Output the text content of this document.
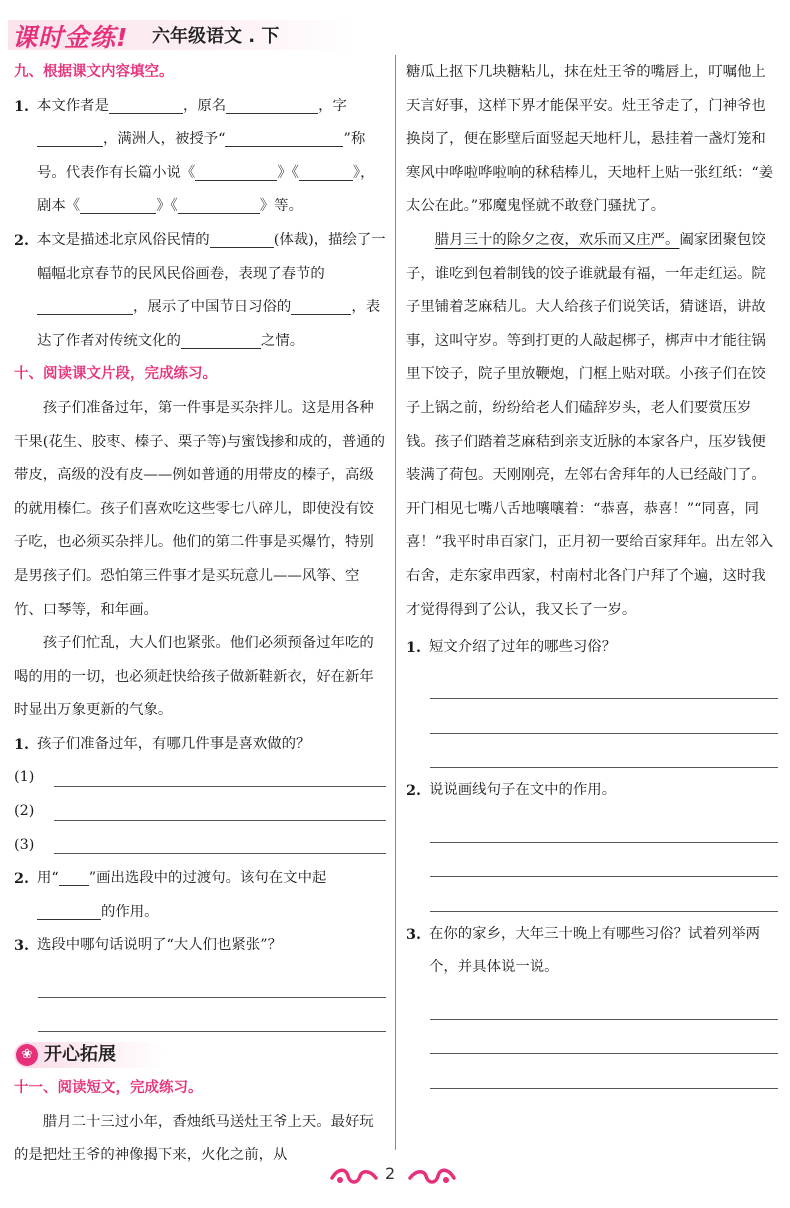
课时金练! 六年级语文 . 下
九、根据课文内容填空。
1. 本文作者是	，原名	，字，满洲人，被授予“	”称号。代表作有长篇小说《	》《	》，剧本《	》《	》等。
2. 本文是描述北京风俗民情的	(体裁)，描绘了一幅幅北京春节的民风民俗画卷，表现了春节的，展示了中国节日习俗的	，表达了作者对传统文化的	之情。
十、阅读课文片段，完成练习。
孩子们准备过年，第一件事是买杂拌儿。这是用各种干果(花生、胶枣、榛子、栗子等)与蜜饯掺和成的，普通的带皮，高级的没有皮——例如普通的用带皮的榛子，高级的就用榛仁。孩子们喜欢吃这些零七八碎儿，即使没有饺子吃，也必须买杂拌儿。他们的第二件事是买爆竹，特别是男孩子们。恐怕第三件事才是买玩意儿——风筝、空竹、口琴等，和年画。
孩子们忙乱，大人们也紧张。他们必须预备过年吃的喝的用的一切，也必须赶快给孩子做新鞋新衣，好在新年时显出万象更新的气象。
1. 孩子们准备过年，有哪几件事是喜欢做的？
(1)
(2)
(3)
2. 用“ ”画出选段中的过渡句。该句在文中起的作用。
3. 选段中哪句话说明了“大人们也紧张”？
❀ 开心拓展
十一、阅读短文，完成练习。
腊月二十三过小年，香烛纸马送灶王爷上天。最好玩的是把灶王爷的神像揭下来，火化之前，从
糖瓜上抠下几块糖粘儿，抹在灶王爷的嘴唇上，叮嘱他上天言好事，这样下界才能保平安。灶王爷走了，门神爷也换岗了，便在影壁后面竖起天地杆儿，悬挂着一盏灯笼和寒风中哗啦哗啦响的秫秸棒儿，天地杆上贴一张红纸：“姜太公在此。”邪魔鬼怪就不敢登门骚扰了。
腊月三十的除夕之夜，欢乐而又庄严。阖家团聚包饺子，谁吃到包着制钱的饺子谁就最有福，一年走红运。院子里铺着芝麻秸儿。大人给孩子们说笑话，猜谜语，讲故事，这叫守岁。等到打更的人敲起梆子，梆声中才能往锅里下饺子，院子里放鞭炮，门框上贴对联。小孩子们在饺子上锅之前，纷纷给老人们磕辞岁头，老人们要赏压岁钱。孩子们踏着芝麻秸到亲支近脉的本家各户，压岁钱便装满了荷包。天刚刚亮，左邻右舍拜年的人已经敲门了。开门相见七嘴八舌地嚷嚷着：“恭喜，恭喜！”“同喜，同喜！”我平时串百家门，正月初一要给百家拜年。出左邻入右舍，走东家串西家，村南村北各门户拜了个遍，这时我才觉得得到了公认，我又长了一岁。
1. 短文介绍了过年的哪些习俗？
2. 说说画线句子在文中的作用。
3. 在你的家乡，大年三十晚上有哪些习俗？试着列举两个，并具体说一说。
2
